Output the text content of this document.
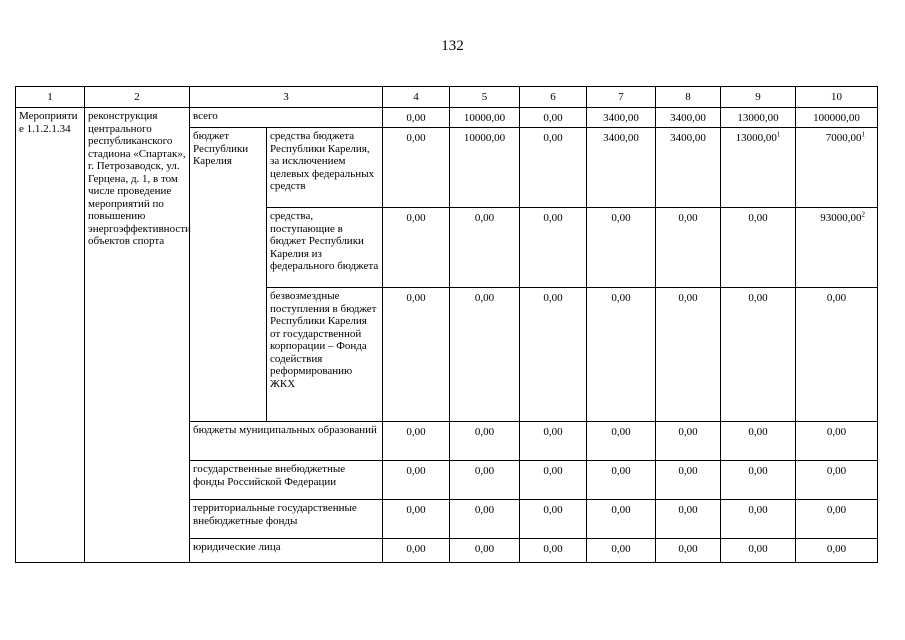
132
1	2	3		4	5	6	7	8	9	10

Мероприятие 1.1.2.1.34	реконструкция центрального республиканского стадиона «Спартак», г. Петрозаводск, ул. Герцена, д. 1, в том числе проведение мероприятий по повышению энергоэффективности объектов спорта	всего		0,00	10000,00	0,00	3400,00	3400,00	13000,00	100000,00
		бюджет Республики Карелия	средства бюджета Республики Карелия, за исключением целевых федеральных средств	0,00	10000,00	0,00	3400,00	3400,00	13000,00$^1$	7000,00$^1$
			средства, поступающие в бюджет Республики Карелия из федерального бюджета	0,00	0,00	0,00	0,00	0,00	0,00	93000,00$^2$
			безвозмездные поступления в бюджет Республики Карелия от государственной корпорации – Фонда содействия реформированию ЖКХ	0,00	0,00	0,00	0,00	0,00	0,00	0,00
		бюджеты муниципальных образований		0,00	0,00	0,00	0,00	0,00	0,00	0,00
		государственные внебюджетные фонды Российской Федерации		0,00	0,00	0,00	0,00	0,00	0,00	0,00
		территориальные государственные внебюджетные фонды		0,00	0,00	0,00	0,00	0,00	0,00	0,00
		юридические лица		0,00	0,00	0,00	0,00	0,00	0,00	0,00
